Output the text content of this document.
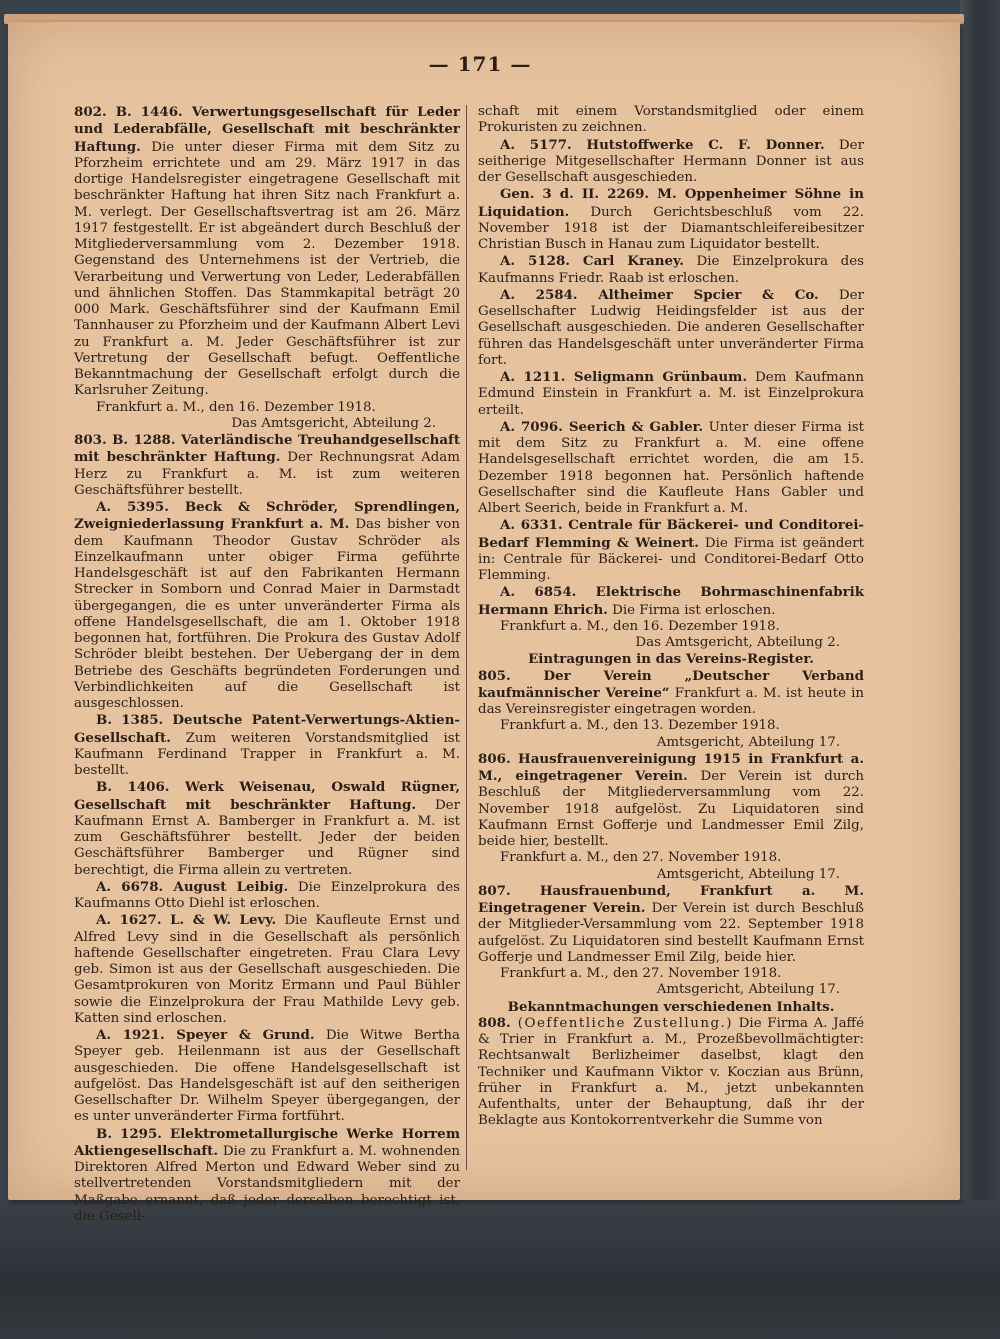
— 171 —

802. B. 1446. Verwertungsgesellschaft für Leder und Lederabfälle, Gesellschaft mit beschränkter Haftung. Die unter dieser Firma mit dem Sitz zu Pforzheim errichtete und am 29. März 1917 in das dortige Handelsregister eingetragene Gesellschaft mit beschränkter Haftung hat ihren Sitz nach Frankfurt a. M. verlegt. Der Gesellschaftsvertrag ist am 26. März 1917 festgestellt. Er ist abgeändert durch Beschluß der Mitgliederversammlung vom 2. Dezember 1918. Gegenstand des Unternehmens ist der Vertrieb, die Verarbeitung und Verwertung von Leder, Lederabfällen und ähnlichen Stoffen. Das Stammkapital beträgt 20 000 Mark. Geschäftsführer sind der Kaufmann Emil Tannhauser zu Pforzheim und der Kaufmann Albert Levi zu Frankfurt a. M. Jeder Geschäftsführer ist zur Vertretung der Gesellschaft befugt. Oeffentliche Bekanntmachung der Gesellschaft erfolgt durch die Karlsruher Zeitung.

Frankfurt a. M., den 16. Dezember 1918.

Das Amtsgericht, Abteilung 2.

803. B. 1288. Vaterländische Treuhandgesellschaft mit beschränkter Haftung. Der Rechnungsrat Adam Herz zu Frankfurt a. M. ist zum weiteren Geschäftsführer bestellt.

A. 5395. Beck & Schröder, Sprendlingen, Zweigniederlassung Frankfurt a. M. Das bisher von dem Kaufmann Theodor Gustav Schröder als Einzelkaufmann unter obiger Firma geführte Handelsgeschäft ist auf den Fabrikanten Hermann Strecker in Somborn und Conrad Maier in Darmstadt übergegangen, die es unter unveränderter Firma als offene Handelsgesellschaft, die am 1. Oktober 1918 begonnen hat, fortführen. Die Prokura des Gustav Adolf Schröder bleibt bestehen. Der Uebergang der in dem Betriebe des Geschäfts begründeten Forderungen und Verbindlichkeiten auf die Gesellschaft ist ausgeschlossen.

B. 1385. Deutsche Patent-Verwertungs-Aktien-Gesellschaft. Zum weiteren Vorstandsmitglied ist Kaufmann Ferdinand Trapper in Frankfurt a. M. bestellt.

B. 1406. Werk Weisenau, Oswald Rügner, Gesellschaft mit beschränkter Haftung. Der Kaufmann Ernst A. Bamberger in Frankfurt a. M. ist zum Geschäftsführer bestellt. Jeder der beiden Geschäftsführer Bamberger und Rügner sind berechtigt, die Firma allein zu vertreten.

A. 6678. August Leibig. Die Einzelprokura des Kaufmanns Otto Diehl ist erloschen.

A. 1627. L. & W. Levy. Die Kaufleute Ernst und Alfred Levy sind in die Gesellschaft als persönlich haftende Gesellschafter eingetreten. Frau Clara Levy geb. Simon ist aus der Gesellschaft ausgeschieden. Die Gesamtprokuren von Moritz Ermann und Paul Bühler sowie die Einzelprokura der Frau Mathilde Levy geb. Katten sind erloschen.

A. 1921. Speyer & Grund. Die Witwe Bertha Speyer geb. Heilenmann ist aus der Gesellschaft ausgeschieden. Die offene Handelsgesellschaft ist aufgelöst. Das Handelsgeschäft ist auf den seitherigen Gesellschafter Dr. Wilhelm Speyer übergegangen, der es unter unveränderter Firma fortführt.

B. 1295. Elektrometallurgische Werke Horrem Aktiengesellschaft. Die zu Frankfurt a. M. wohnenden Direktoren Alfred Merton und Edward Weber sind zu stellvertretenden Vorstandsmitgliedern mit der Maßgabe ernannt, daß jeder derselben berechtigt ist, die Gesell-

schaft mit einem Vorstandsmitglied oder einem Prokuristen zu zeichnen.

A. 5177. Hutstoffwerke C. F. Donner. Der seitherige Mitgesellschafter Hermann Donner ist aus der Gesellschaft ausgeschieden.

Gen. 3 d. II. 2269. M. Oppenheimer Söhne in Liquidation. Durch Gerichtsbeschluß vom 22. November 1918 ist der Diamantschleifereibesitzer Christian Busch in Hanau zum Liquidator bestellt.

A. 5128. Carl Kraney. Die Einzelprokura des Kaufmanns Friedr. Raab ist erloschen.

A. 2584. Altheimer Spcier & Co. Der Gesellschafter Ludwig Heidingsfelder ist aus der Gesellschaft ausgeschieden. Die anderen Gesellschafter führen das Handelsgeschäft unter unveränderter Firma fort.

A. 1211. Seligmann Grünbaum. Dem Kaufmann Edmund Einstein in Frankfurt a. M. ist Einzelprokura erteilt.

A. 7096. Seerich & Gabler. Unter dieser Firma ist mit dem Sitz zu Frankfurt a. M. eine offene Handelsgesellschaft errichtet worden, die am 15. Dezember 1918 begonnen hat. Persönlich haftende Gesellschafter sind die Kaufleute Hans Gabler und Albert Seerich, beide in Frankfurt a. M.

A. 6331. Centrale für Bäckerei- und Conditorei-Bedarf Flemming & Weinert. Die Firma ist geändert in: Centrale für Bäckerei- und Conditorei-Bedarf Otto Flemming.

A. 6854. Elektrische Bohrmaschinenfabrik Hermann Ehrich. Die Firma ist erloschen.

Frankfurt a. M., den 16. Dezember 1918.

Das Amtsgericht, Abteilung 2.

Eintragungen in das Vereins-Register.

805. Der Verein „Deutscher Verband kaufmännischer Vereine“ Frankfurt a. M. ist heute in das Vereinsregister eingetragen worden.

Frankfurt a. M., den 13. Dezember 1918.

Amtsgericht, Abteilung 17.

806. Hausfrauenvereinigung 1915 in Frankfurt a. M., eingetragener Verein. Der Verein ist durch Beschluß der Mitgliederversammlung vom 22. November 1918 aufgelöst. Zu Liquidatoren sind Kaufmann Ernst Gofferje und Landmesser Emil Zilg, beide hier, bestellt.

Frankfurt a. M., den 27. November 1918.

Amtsgericht, Abteilung 17.

807. Hausfrauenbund, Frankfurt a. M. Eingetragener Verein. Der Verein ist durch Beschluß der Mitglieder-Versammlung vom 22. September 1918 aufgelöst. Zu Liquidatoren sind bestellt Kaufmann Ernst Gofferje und Landmesser Emil Zilg, beide hier.

Frankfurt a. M., den 27. November 1918.

Amtsgericht, Abteilung 17.

Bekanntmachungen verschiedenen Inhalts.

808. (Oeffentliche Zustellung.) Die Firma A. Jaffé & Trier in Frankfurt a. M., Prozeßbevollmächtigter: Rechtsanwalt Berlizheimer daselbst, klagt den Techniker und Kaufmann Viktor v. Koczian aus Brünn, früher in Frankfurt a. M., jetzt unbekannten Aufenthalts, unter der Behauptung, daß ihr der Beklagte aus Kontokorrentverkehr die Summe von
